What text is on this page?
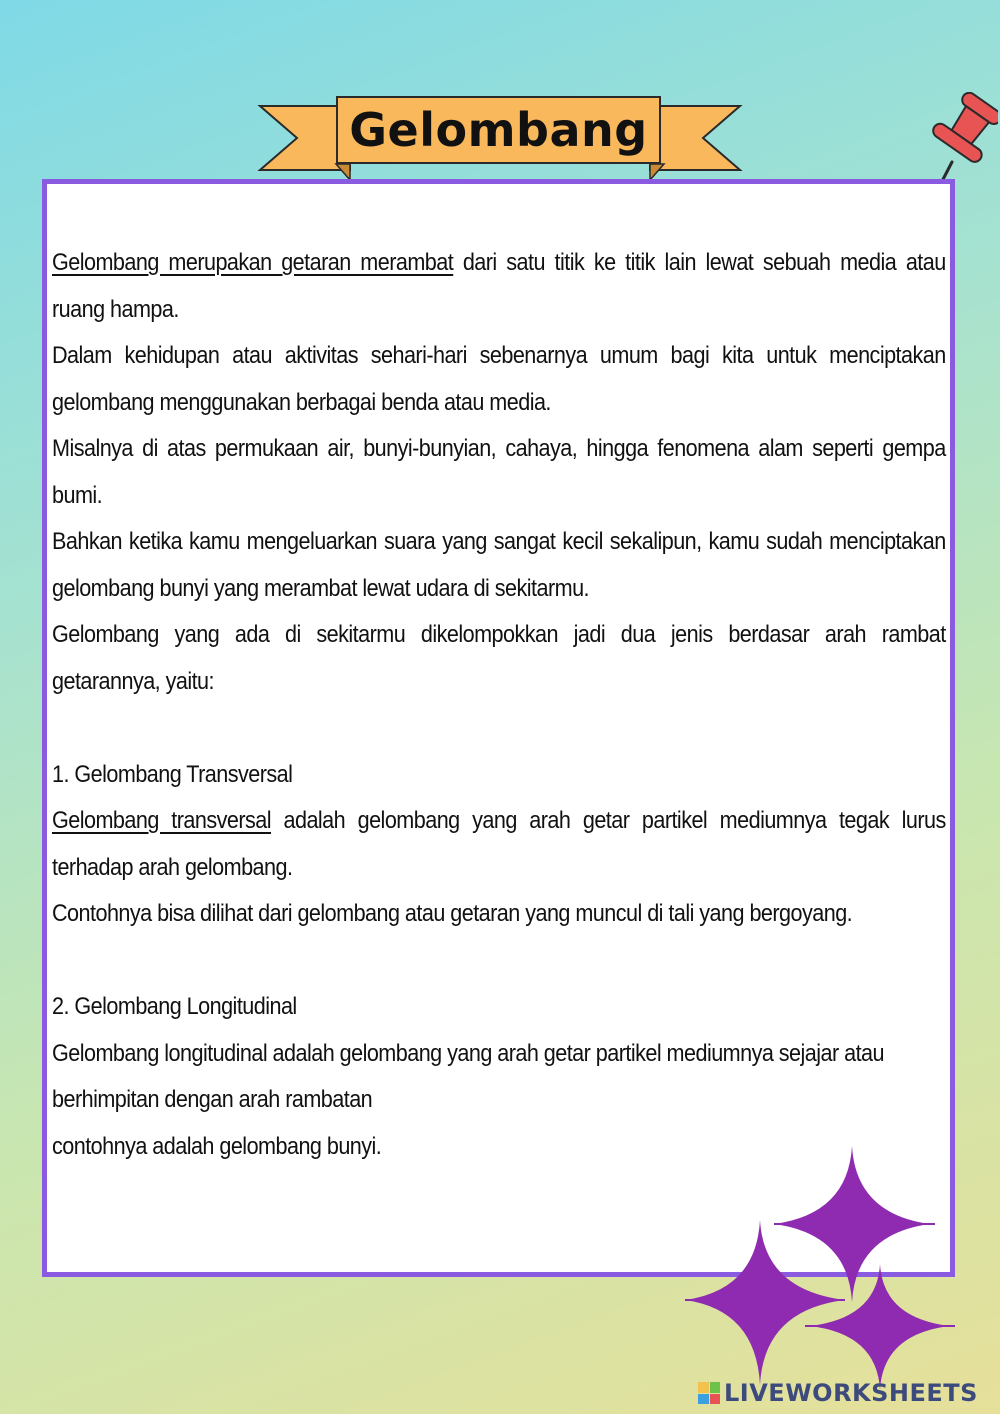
Gelombang

Gelombang merupakan getaran merambat dari satu titik ke titik lain lewat sebuah media atau ruang hampa.

Dalam kehidupan atau aktivitas sehari-hari sebenarnya umum bagi kita untuk menciptakan gelombang menggunakan berbagai benda atau media.

Misalnya di atas permukaan air, bunyi-bunyian, cahaya, hingga fenomena alam seperti gempa bumi.

Bahkan ketika kamu mengeluarkan suara yang sangat kecil sekalipun, kamu sudah menciptakan gelombang bunyi yang merambat lewat udara di sekitarmu.

Gelombang yang ada di sekitarmu dikelompokkan jadi dua jenis berdasar arah rambat getarannya, yaitu:

1. Gelombang Transversal

Gelombang transversal adalah gelombang yang arah getar partikel mediumnya tegak lurus terhadap arah gelombang.

Contohnya bisa dilihat dari gelombang atau getaran yang muncul di tali yang bergoyang.

2. Gelombang Longitudinal

Gelombang longitudinal adalah gelombang yang arah getar partikel mediumnya sejajar atau berhimpitan dengan arah rambatan

contohnya adalah gelombang bunyi.

LIVEWORKSHEETS
